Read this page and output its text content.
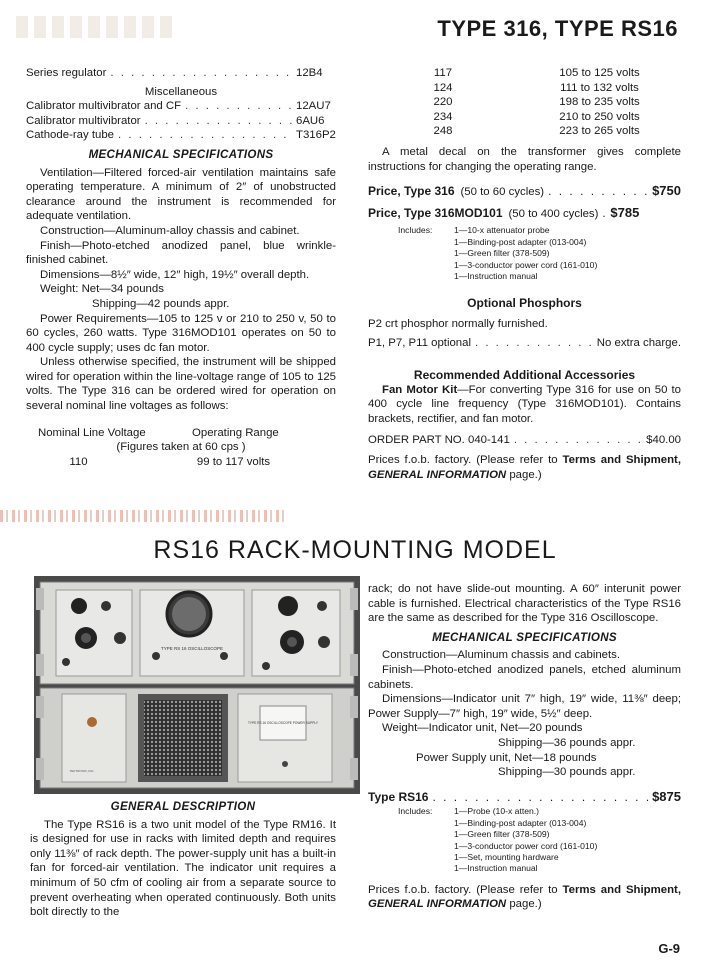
TYPE 316, TYPE RS16
Series regulator . . .	12B4

Miscellaneous

Calibrator multivibrator and CF . . .	12AU7
Calibrator multivibrator . . .	6AU6
Cathode-ray tube . . .	T316P2
MECHANICAL SPECIFICATIONS

Ventilation—Filtered forced-air ventilation maintains safe operating temperature. A minimum of 2″ of unobstructed clearance around the instrument is recommended for adequate ventilation.

Construction—Aluminum-alloy chassis and cabinet.

Finish—Photo-etched anodized panel, blue wrinkle-finished cabinet.

Dimensions—8½″ wide, 12″ high, 19½″ overall depth.

Weight: Net—34 pounds

Shipping—42 pounds appr.

Power Requirements—105 to 125 v or 210 to 250 v, 50 to 60 cycles, 260 watts. Type 316MOD101 operates on 50 to 400 cycle supply; uses dc fan motor.

Unless otherwise specified, the instrument will be shipped wired for operation within the line-voltage range of 105 to 125 volts. The Type 316 can be ordered wired for operation on several nominal line voltages as follows:

Nominal Line Voltage	Operating Range

(Figures taken at 60 cps )

110	99 to 117 volts
117	105 to 125 volts
124	111 to 132 volts
220	198 to 235 volts
234	210 to 250 volts
248	223 to 265 volts

A metal decal on the transformer gives complete instructions for changing the operating range.

Price, Type 316 (50 to 60 cycles) . . .	$750
Price, Type 316MOD101 (50 to 400 cycles) . . . $785
Includes:	1—10-x attenuator probe
1—Binding-post adapter (013-004)
1—Green filter (378-509)
1—3-conductor power cord (161-010)
1—Instruction manual
Optional Phosphors

P2 crt phosphor normally furnished.

P1, P7, P11 optional . . .	No extra charge.
Recommended Additional Accessories

Fan Motor Kit—For converting Type 316 for use on 50 to 400 cycle line frequency (Type 316MOD101). Contains brackets, rectifier, and fan motor.

ORDER PART NO. 040-141 . . .	$40.00

Prices f.o.b. factory. (Please refer to Terms and Shipment, GENERAL INFORMATION page.)

RS16 RACK-MOUNTING MODEL
TYPE RS 16 OSCILLOSCOPE
TYPE RS 16 OSCILLOSCOPE POWER SUPPLY
TEKTRONIX, INC.
GENERAL DESCRIPTION

The Type RS16 is a two unit model of the Type RM16. It is designed for use in racks with limited depth and requires only 11⅜″ of rack depth. The power-supply unit has a built-in fan for forced-air ventilation. The indicator unit requires a minimum of 50 cfm of cooling air from a separate source to prevent overheating when operated continuously. Both units bolt directly to the

rack; do not have slide-out mounting. A 60″ interunit power cable is furnished. Electrical characteristics of the Type RS16 are the same as described for the Type 316 Oscilloscope.

MECHANICAL SPECIFICATIONS

Construction—Aluminum chassis and cabinets.

Finish—Photo-etched anodized panels, etched aluminum cabinets.

Dimensions—Indicator unit 7″ high, 19″ wide, 11⅜″ deep; Power Supply—7″ high, 19″ wide, 5½″ deep.

Weight—Indicator unit, Net—20 pounds

Shipping—36 pounds appr.

Power Supply unit, Net—18 pounds

Shipping—30 pounds appr.

Type RS16 . . .	$875
Includes:	1—Probe (10-x atten.)
1—Binding-post adapter (013-004)
1—Green filter (378-509)
1—3-conductor power cord (161-010)
1—Set, mounting hardware
1—Instruction manual

Prices f.o.b. factory. (Please refer to Terms and Shipment, GENERAL INFORMATION page.)

G-9
